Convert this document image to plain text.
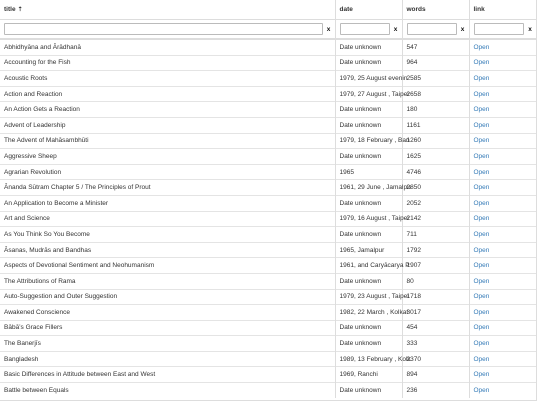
title ⇡	date	words	link

x	x	x	x

Abhidhyāna and Ārādhanā	Date unknown	547	Open
Accounting for the Fish	Date unknown	964	Open
Acoustic Roots	1979, 25 August evenin	2585	Open
Action and Reaction	1979, 27 August , Taipei	2658	Open
An Action Gets a Reaction	Date unknown	180	Open
Advent of Leadership	Date unknown	1161	Open
The Advent of Mahāsambhūti	1979, 18 February , Ban	1260	Open
Aggressive Sheep	Date unknown	1625	Open
Agrarian Revolution	1965	4746	Open
Ānanda Sūtram Chapter 5 / The Principles of Prout	1961, 29 June , Jamalpu	2850	Open
An Application to Become a Minister	Date unknown	2052	Open
Art and Science	1979, 16 August , Taipei	2142	Open
As You Think So You Become	Date unknown	711	Open
Āsanas, Mudrās and Bandhas	1965, Jamalpur	1792	Open
Aspects of Devotional Sentiment and Neohumanism	1961, and Caryācarya P	1907	Open
The Attributions of Rama	Date unknown	80	Open
Auto-Suggestion and Outer Suggestion	1979, 23 August , Taipei	1718	Open
Awakened Conscience	1982, 22 March , Kolkat	3017	Open
Bābā’s Grace Fillers	Date unknown	454	Open
The Banerjīs	Date unknown	333	Open
Bangladesh	1989, 13 February , Kolk	2370	Open
Basic Differences in Attitude between East and West	1969, Ranchi	894	Open
Battle between Equals	Date unknown	236	Open
